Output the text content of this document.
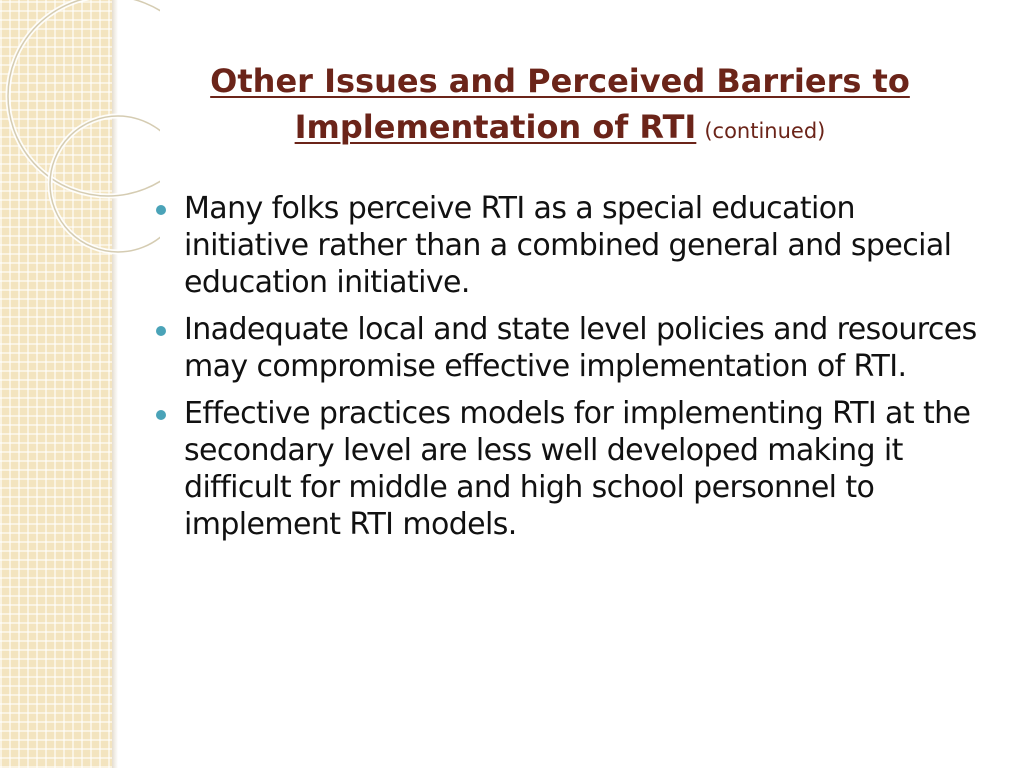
Other Issues and Perceived Barriers to
Implementation of RTI (continued)
Many folks perceive RTI as a special education initiative rather than a combined general and special education initiative.
Inadequate local and state level policies and resources may compromise effective implementation of RTI.
Effective practices models for implementing RTI at the secondary level are less well developed making it difficult for middle and high school personnel to implement RTI models.
